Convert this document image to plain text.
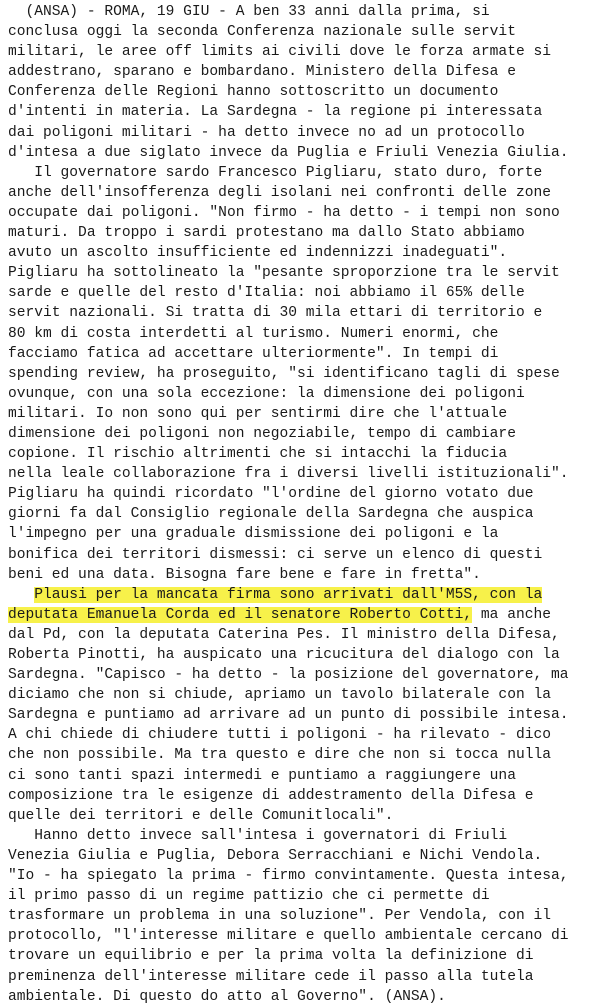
(ANSA) - ROMA, 19 GIU - A ben 33 anni dalla prima, si
conclusa oggi la seconda Conferenza nazionale sulle servit
militari, le aree off limits ai civili dove le forza armate si
addestrano, sparano e bombardano. Ministero della Difesa e
Conferenza delle Regioni hanno sottoscritto un documento
d'intenti in materia. La Sardegna - la regione pi interessata
dai poligoni militari - ha detto invece no ad un protocollo
d'intesa a due siglato invece da Puglia e Friuli Venezia Giulia.
Il governatore sardo Francesco Pigliaru, stato duro, forte
anche dell'insofferenza degli isolani nei confronti delle zone
occupate dai poligoni. "Non firmo - ha detto - i tempi non sono
maturi. Da troppo i sardi protestano ma dallo Stato abbiamo
avuto un ascolto insufficiente ed indennizzi inadeguati".
Pigliaru ha sottolineato la "pesante sproporzione tra le servit
sarde e quelle del resto d'Italia: noi abbiamo il 65% delle
servit nazionali. Si tratta di 30 mila ettari di territorio e
80 km di costa interdetti al turismo. Numeri enormi, che
facciamo fatica ad accettare ulteriormente". In tempi di
spending review, ha proseguito, "si identificano tagli di spese
ovunque, con una sola eccezione: la dimensione dei poligoni
militari. Io non sono qui per sentirmi dire che l'attuale
dimensione dei poligoni non negoziabile, tempo di cambiare
copione. Il rischio altrimenti che si intacchi la fiducia
nella leale collaborazione fra i diversi livelli istituzionali".
Pigliaru ha quindi ricordato "l'ordine del giorno votato due
giorni fa dal Consiglio regionale della Sardegna che auspica
l'impegno per una graduale dismissione dei poligoni e la
bonifica dei territori dismessi: ci serve un elenco di questi
beni ed una data. Bisogna fare bene e fare in fretta".
Plausi per la mancata firma sono arrivati dall'M5S, con la
deputata Emanuela Corda ed il senatore Roberto Cotti, ma anche
dal Pd, con la deputata Caterina Pes. Il ministro della Difesa,
Roberta Pinotti, ha auspicato una ricucitura del dialogo con la
Sardegna. "Capisco - ha detto - la posizione del governatore, ma
diciamo che non si chiude, apriamo un tavolo bilaterale con la
Sardegna e puntiamo ad arrivare ad un punto di possibile intesa.
A chi chiede di chiudere tutti i poligoni - ha rilevato - dico
che non possibile. Ma tra questo e dire che non si tocca nulla
ci sono tanti spazi intermedi e puntiamo a raggiungere una
composizione tra le esigenze di addestramento della Difesa e
quelle dei territori e delle Comunitlocali".
Hanno detto invece sall'intesa i governatori di Friuli
Venezia Giulia e Puglia, Debora Serracchiani e Nichi Vendola.
"Io - ha spiegato la prima - firmo convintamente. Questa intesa,
il primo passo di un regime pattizio che ci permette di
trasformare un problema in una soluzione". Per Vendola, con il
protocollo, "l'interesse militare e quello ambientale cercano di
trovare un equilibrio e per la prima volta la definizione di
preminenza dell'interesse militare cede il passo alla tutela
ambientale. Di questo do atto al Governo". (ANSA).
